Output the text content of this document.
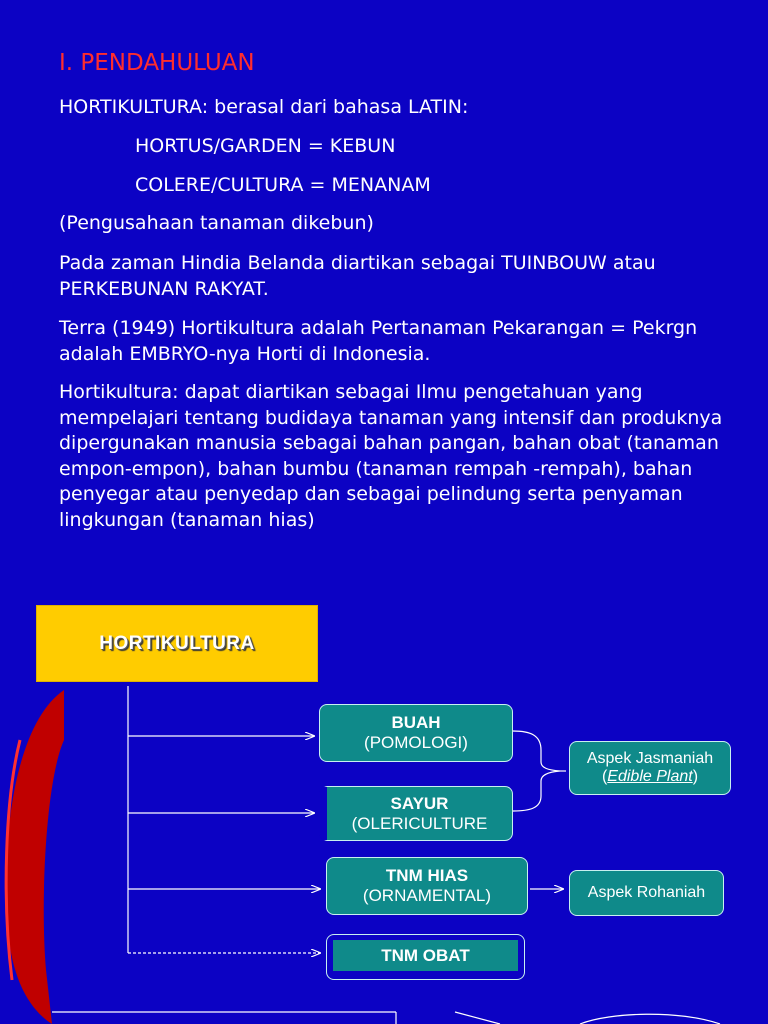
I. PENDAHULUAN

HORTIKULTURA: berasal dari bahasa LATIN:

HORTUS/GARDEN = KEBUN

COLERE/CULTURA = MENANAM

(Pengusahaan tanaman dikebun)

Pada zaman Hindia Belanda diartikan sebagai TUINBOUW atau PERKEBUNAN RAKYAT.

Terra (1949) Hortikultura adalah Pertanaman Pekarangan = Pekrgn adalah EMBRYO-nya Horti di Indonesia.

Hortikultura: dapat diartikan sebagai Ilmu pengetahuan yang mempelajari tentang budidaya tanaman yang intensif dan produknya dipergunakan manusia sebagai bahan pangan, bahan obat (tanaman empon-empon), bahan bumbu (tanaman rempah -rempah), bahan penyegar atau penyedap dan sebagai pelindung serta penyaman lingkungan (tanaman hias)

HORTIKULTURA
BUAH
(POMOLOGI)
SAYUR
(OLERICULTURE
TNM HIAS
(ORNAMENTAL)
TNM OBAT
Aspek Jasmaniah
(Edible Plant)
Aspek Rohaniah
